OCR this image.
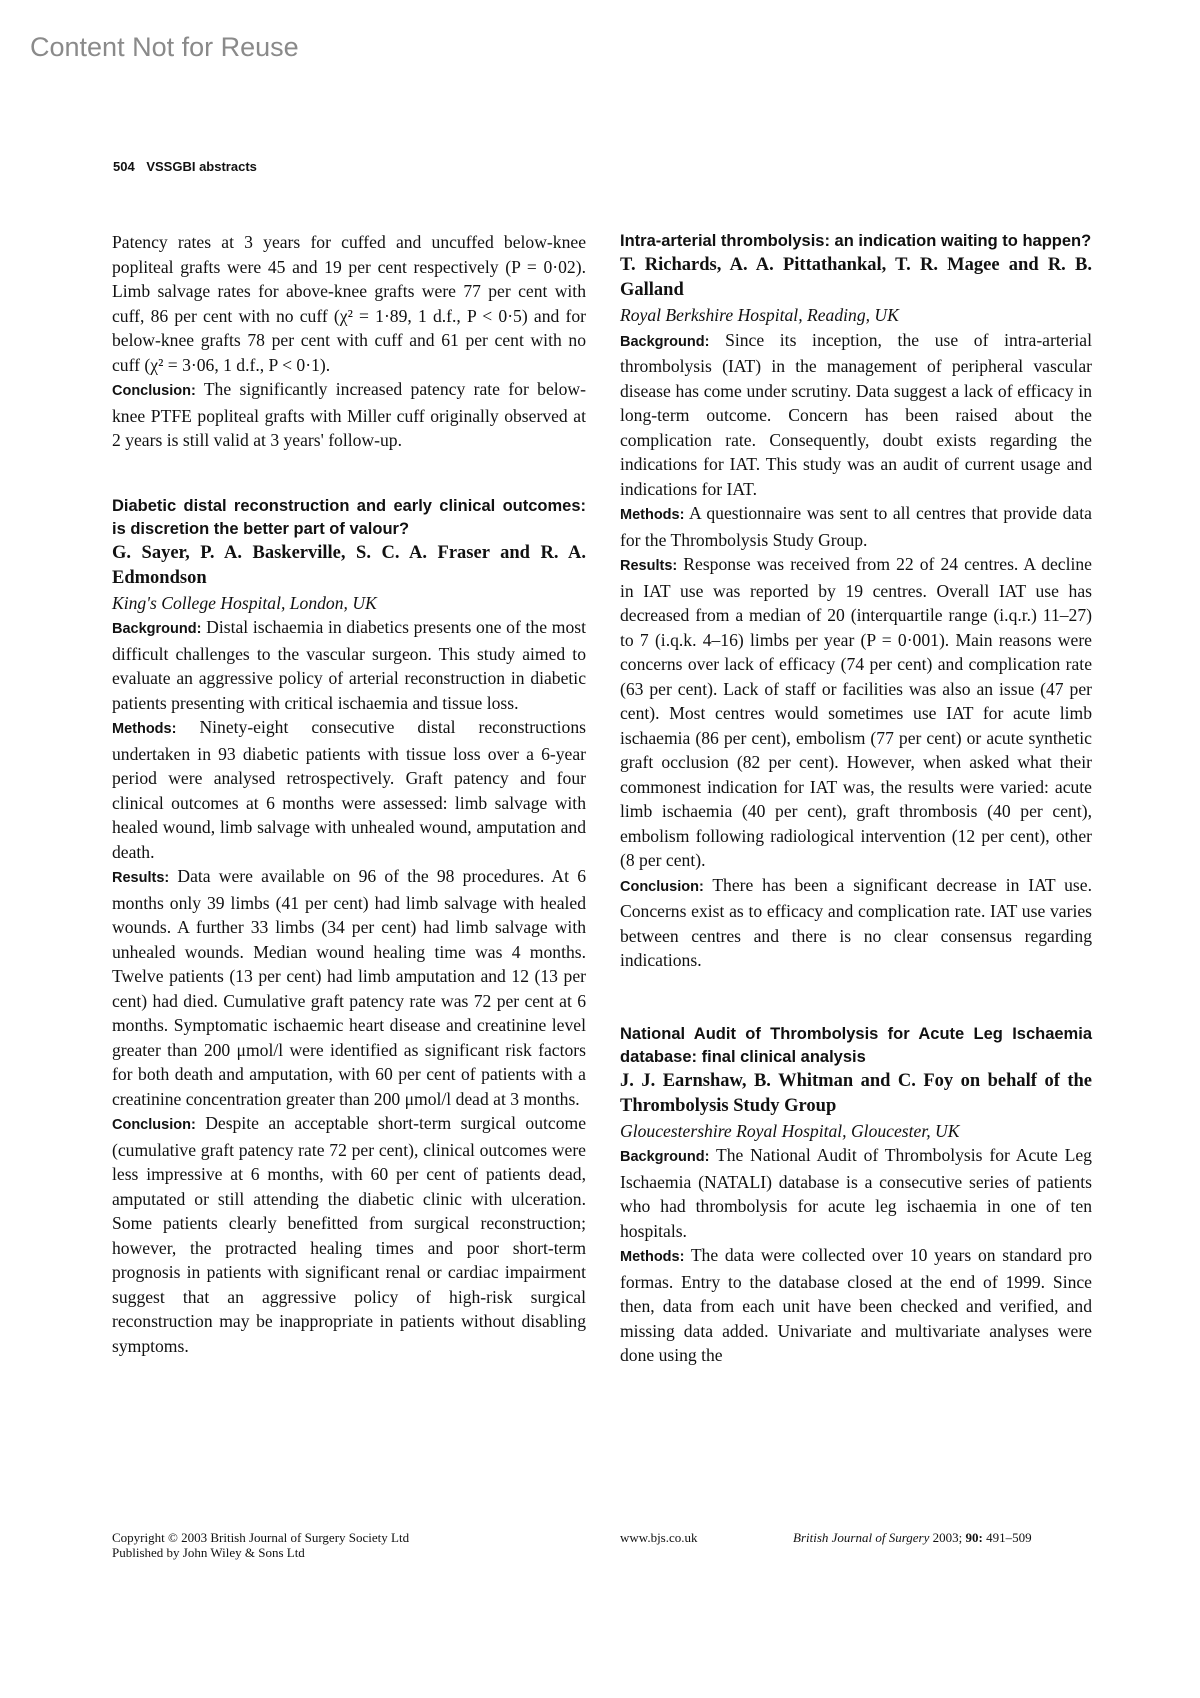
Content Not for Reuse
504 VSSGBI abstracts

Patency rates at 3 years for cuffed and uncuffed below-knee popliteal grafts were 45 and 19 per cent respectively (P = 0·02). Limb salvage rates for above-knee grafts were 77 per cent with cuff, 86 per cent with no cuff (χ² = 1·89, 1 d.f., P < 0·5) and for below-knee grafts 78 per cent with cuff and 61 per cent with no cuff (χ² = 3·06, 1 d.f., P < 0·1).

Conclusion: The significantly increased patency rate for below-knee PTFE popliteal grafts with Miller cuff originally observed at 2 years is still valid at 3 years' follow-up.

Diabetic distal reconstruction and early clinical outcomes: is discretion the better part of valour?

G. Sayer, P. A. Baskerville, S. C. A. Fraser and R. A. Edmondson

King's College Hospital, London, UK

Background: Distal ischaemia in diabetics presents one of the most difficult challenges to the vascular surgeon. This study aimed to evaluate an aggressive policy of arterial reconstruction in diabetic patients presenting with critical ischaemia and tissue loss.

Methods: Ninety-eight consecutive distal reconstructions undertaken in 93 diabetic patients with tissue loss over a 6-year period were analysed retrospectively. Graft patency and four clinical outcomes at 6 months were assessed: limb salvage with healed wound, limb salvage with unhealed wound, amputation and death.

Results: Data were available on 96 of the 98 procedures. At 6 months only 39 limbs (41 per cent) had limb salvage with healed wounds. A further 33 limbs (34 per cent) had limb salvage with unhealed wounds. Median wound healing time was 4 months. Twelve patients (13 per cent) had limb amputation and 12 (13 per cent) had died. Cumulative graft patency rate was 72 per cent at 6 months. Symptomatic ischaemic heart disease and creatinine level greater than 200 μmol/l were identified as significant risk factors for both death and amputation, with 60 per cent of patients with a creatinine concentration greater than 200 μmol/l dead at 3 months.

Conclusion: Despite an acceptable short-term surgical outcome (cumulative graft patency rate 72 per cent), clinical outcomes were less impressive at 6 months, with 60 per cent of patients dead, amputated or still attending the diabetic clinic with ulceration. Some patients clearly benefitted from surgical reconstruction; however, the protracted healing times and poor short-term prognosis in patients with significant renal or cardiac impairment suggest that an aggressive policy of high-risk surgical reconstruction may be inappropriate in patients without disabling symptoms.

Intra-arterial thrombolysis: an indication waiting to happen?

T. Richards, A. A. Pittathankal, T. R. Magee and R. B. Galland

Royal Berkshire Hospital, Reading, UK

Background: Since its inception, the use of intra-arterial thrombolysis (IAT) in the management of peripheral vascular disease has come under scrutiny. Data suggest a lack of efficacy in long-term outcome. Concern has been raised about the complication rate. Consequently, doubt exists regarding the indications for IAT. This study was an audit of current usage and indications for IAT.

Methods: A questionnaire was sent to all centres that provide data for the Thrombolysis Study Group.

Results: Response was received from 22 of 24 centres. A decline in IAT use was reported by 19 centres. Overall IAT use has decreased from a median of 20 (interquartile range (i.q.r.) 11–27) to 7 (i.q.k. 4–16) limbs per year (P = 0·001). Main reasons were concerns over lack of efficacy (74 per cent) and complication rate (63 per cent). Lack of staff or facilities was also an issue (47 per cent). Most centres would sometimes use IAT for acute limb ischaemia (86 per cent), embolism (77 per cent) or acute synthetic graft occlusion (82 per cent). However, when asked what their commonest indication for IAT was, the results were varied: acute limb ischaemia (40 per cent), graft thrombosis (40 per cent), embolism following radiological intervention (12 per cent), other (8 per cent).

Conclusion: There has been a significant decrease in IAT use. Concerns exist as to efficacy and complication rate. IAT use varies between centres and there is no clear consensus regarding indications.

National Audit of Thrombolysis for Acute Leg Ischaemia database: final clinical analysis

J. J. Earnshaw, B. Whitman and C. Foy on behalf of the Thrombolysis Study Group

Gloucestershire Royal Hospital, Gloucester, UK

Background: The National Audit of Thrombolysis for Acute Leg Ischaemia (NATALI) database is a consecutive series of patients who had thrombolysis for acute leg ischaemia in one of ten hospitals.

Methods: The data were collected over 10 years on standard pro formas. Entry to the database closed at the end of 1999. Since then, data from each unit have been checked and verified, and missing data added. Univariate and multivariate analyses were done using the

Copyright © 2003 British Journal of Surgery Society Ltd
Published by John Wiley & Sons Ltd
www.bjs.co.uk	British Journal of Surgery 2003; 90: 491–509
